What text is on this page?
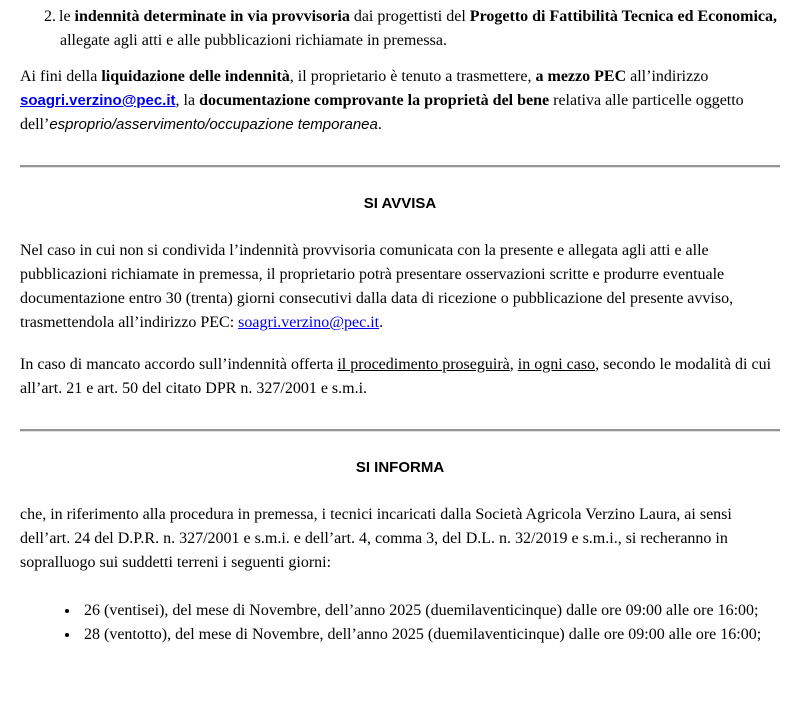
2. le indennità determinate in via provvisoria dai progettisti del Progetto di Fattibilità Tecnica ed Economica, allegate agli atti e alle pubblicazioni richiamate in premessa.

Ai fini della liquidazione delle indennità, il proprietario è tenuto a trasmettere, a mezzo PEC all’indirizzo soagri.verzino@pec.it, la documentazione comprovante la proprietà del bene relativa alle particelle oggetto dell’esproprio/asservimento/occupazione temporanea.

SI AVVISA

Nel caso in cui non si condivida l’indennità provvisoria comunicata con la presente e allegata agli atti e alle pubblicazioni richiamate in premessa, il proprietario potrà presentare osservazioni scritte e produrre eventuale documentazione entro 30 (trenta) giorni consecutivi dalla data di ricezione o pubblicazione del presente avviso, trasmettendola all’indirizzo PEC: soagri.verzino@pec.it.

In caso di mancato accordo sull’indennità offerta il procedimento proseguirà, in ogni caso, secondo le modalità di cui all’art. 21 e art. 50 del citato DPR n. 327/2001 e s.m.i.

SI INFORMA

che, in riferimento alla procedura in premessa, i tecnici incaricati dalla Società Agricola Verzino Laura, ai sensi dell’art. 24 del D.P.R. n. 327/2001 e s.m.i. e dell’art. 4, comma 3, del D.L. n. 32/2019 e s.m.i., si recheranno in sopralluogo sui suddetti terreni i seguenti giorni:

• 26 (ventisei), del mese di Novembre, dell’anno 2025 (duemilaventicinque) dalle ore 09:00 alle ore 16:00;
• 28 (ventotto), del mese di Novembre, dell’anno 2025 (duemilaventicinque) dalle ore 09:00 alle ore 16:00;
